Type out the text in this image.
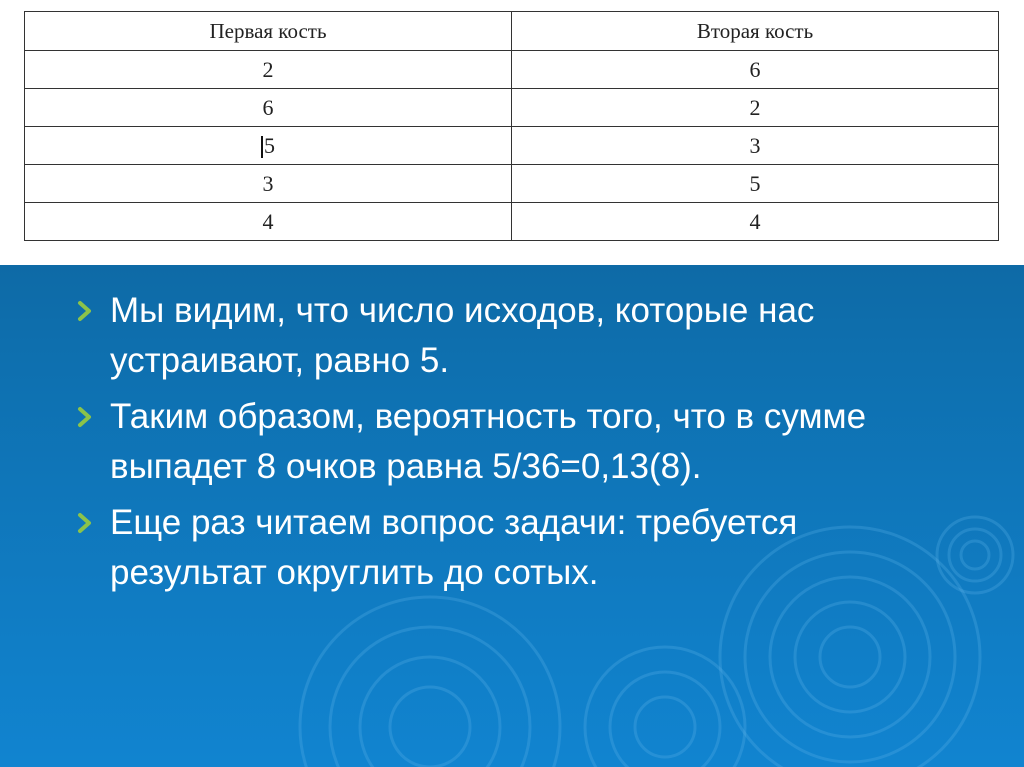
Первая кость	Вторая кость
2	6
6	2
5	3
3	5
4	4
Мы видим, что число исходов, которые нас устраивают, равно 5.
Таким образом, вероятность того, что в сумме выпадет 8 очков равна 5/36=0,13(8).
Еще раз читаем вопрос задачи: требуется результат округлить до сотых.
